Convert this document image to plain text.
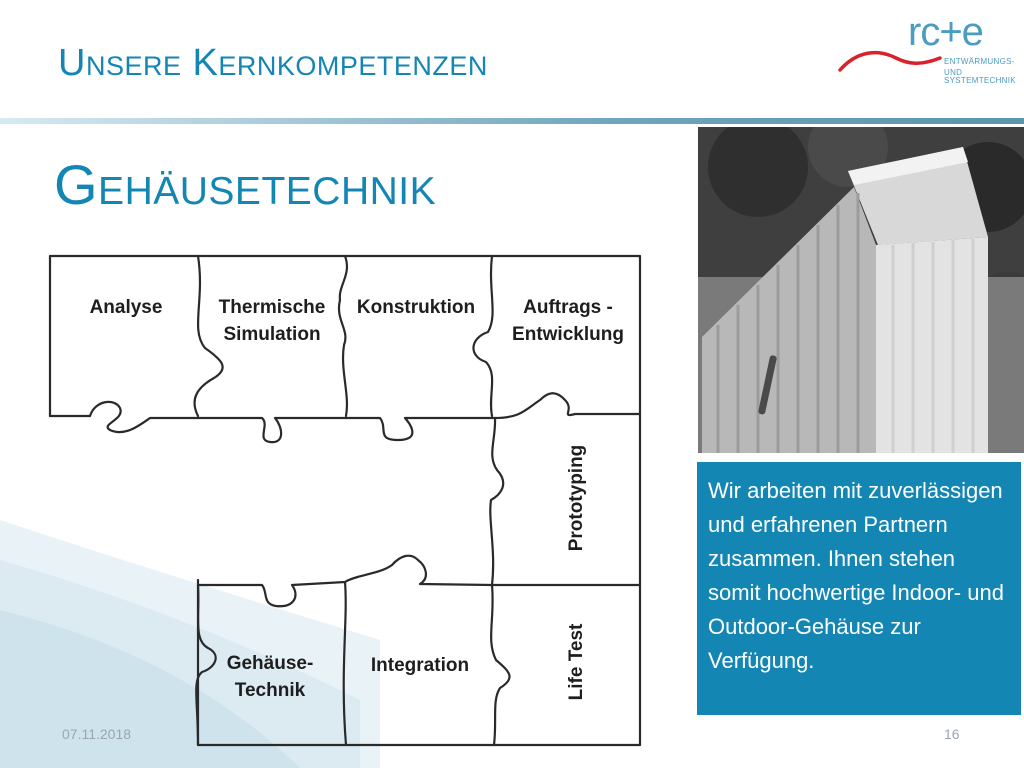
Unsere Kernkompetenzen
rc+e
ENTWÄRMUNGS-
UND SYSTEMTECHNIK
Gehäusetechnik
Analyse	Thermische Simulation
Konstruktion	Auftrags - Entwicklung
Prototyping
Gehäuse- Technik
Integration	Life Test
Wir arbeiten mit zuverlässigen und erfahrenen Partnern zusammen. Ihnen stehen somit hochwertige Indoor- und Outdoor-Gehäuse zur Verfügung.
07.11.2018	16
